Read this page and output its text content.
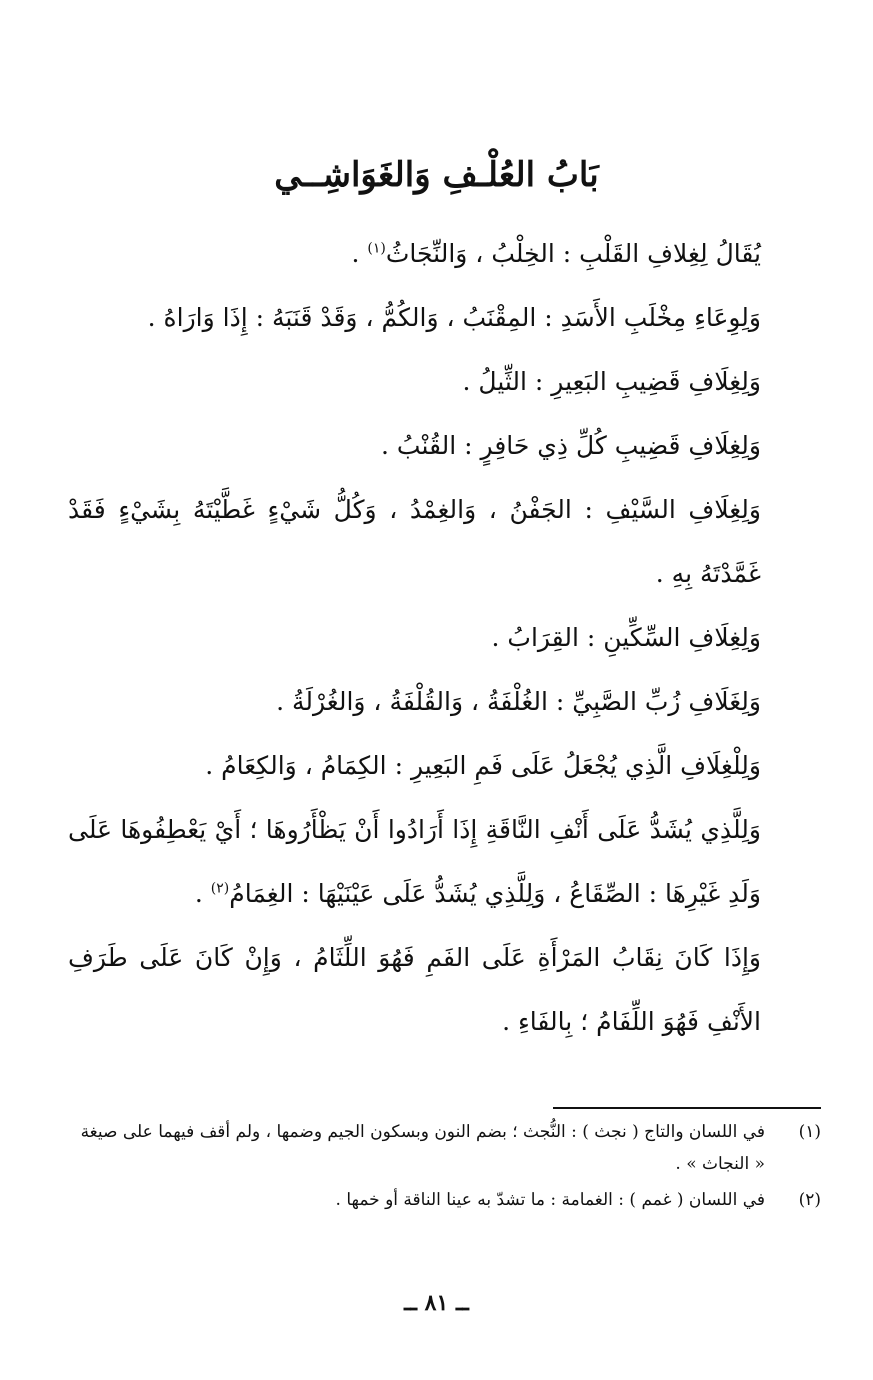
بَابُ العُلْـفِ وَالغَوَاشِــي

يُقَالُ لِغِلافِ القَلْبِ : الخِلْبُ ، وَالنِّجَاثُ$^{(١)}$ .

وَلِوِعَاءِ مِخْلَبِ الأَسَدِ : المِقْنَبُ ، وَالكُمُّ ، وَقَدْ قَنَبَهُ : إِذَا وَارَاهُ .

وَلِغِلَافِ قَضِيبِ البَعِيرِ : الثِّيلُ .

وَلِغِلَافِ قَضِيبِ كُلِّ ذِي حَافِرٍ : القُنْبُ .

وَلِغِلَافِ السَّيْفِ : الجَفْنُ ، وَالغِمْدُ ، وَكُلُّ شَيْءٍ غَطَّيْتَهُ بِشَيْءٍ فَقَدْ غَمَّدْتَهُ بِهِ .

وَلِغِلَافِ السِّكِّينِ : القِرَابُ .

وَلِغَلَافِ زُبِّ الصَّبِيِّ : الغُلْفَةُ ، وَالقُلْفَةُ ، وَالغُرْلَةُ .

وَلِلْغِلَافِ الَّذِي يُجْعَلُ عَلَى فَمِ البَعِيرِ : الكِمَامُ ، وَالكِعَامُ .

وَلِلَّذِي يُشَدُّ عَلَى أَنْفِ النَّاقَةِ إِذَا أَرَادُوا أَنْ يَظْأَرُوهَا ؛ أَيْ يَعْطِفُوهَا عَلَى وَلَدِ غَيْرِهَا : الصِّقَاعُ ، وَلِلَّذِي يُشَدُّ عَلَى عَيْنَيْهَا : الغِمَامُ$^{(٢)}$ .

وَإِذَا كَانَ نِقَابُ المَرْأَةِ عَلَى الفَمِ فَهُوَ اللِّثَامُ ، وَإِنْ كَانَ عَلَى طَرَفِ الأَنْفِ فَهُوَ اللِّفَامُ ؛ بِالفَاءِ .

(١)
في اللسان والتاج ( نجث ) : النُّجث ؛ بضم النون وبسكون الجيم وضمها ، ولم أقف فيهما على صيغة « النجاث » .
(٢)
في اللسان ( غمم ) : الغمامة : ما تشدّ به عينا الناقة أو خمها .
ــ ٨١ ــ
